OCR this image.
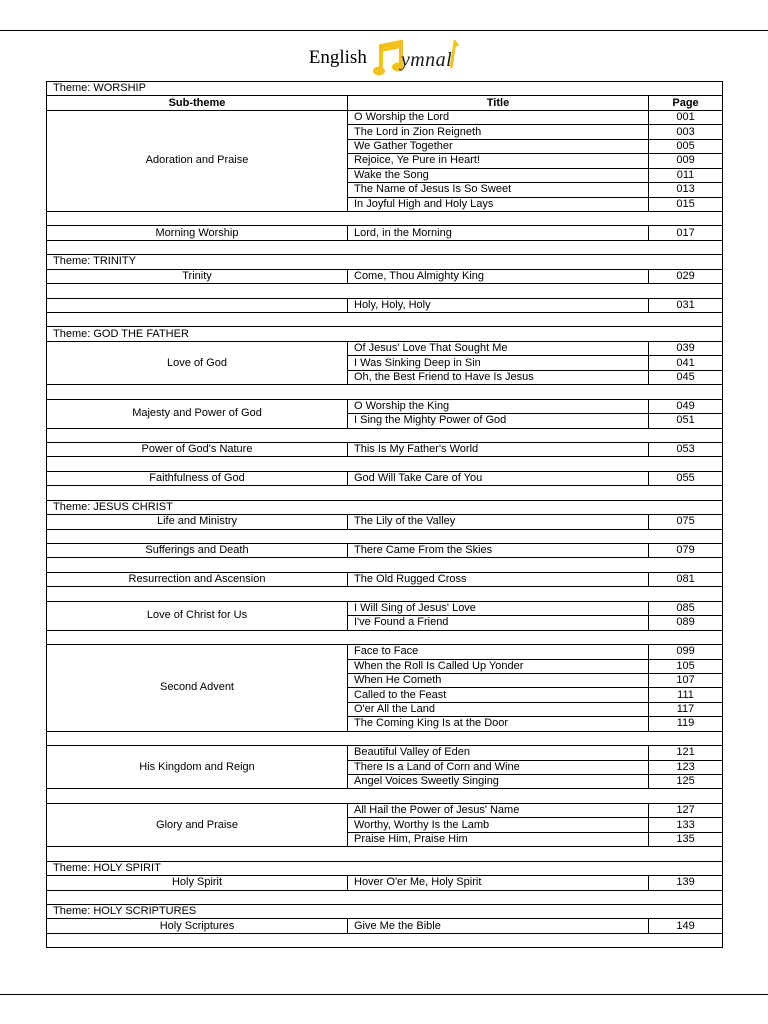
English ymnal
Theme: WORSHIP		
Sub-theme	Title	Page
Adoration and Praise	O Worship the Lord	001
	The Lord in Zion Reigneth	003
	We Gather Together	005
	Rejoice, Ye Pure in Heart!	009
	Wake the Song	011
	The Name of Jesus Is So Sweet	013
	In Joyful High and Holy Lays	015

Morning Worship	Lord, in the Morning	017

Theme: TRINITY		
Trinity	Come, Thou Almighty King	029

	Holy, Holy, Holy	031

Theme: GOD THE FATHER		
Love of God	Of Jesus' Love That Sought Me	039
	I Was Sinking Deep in Sin	041
	Oh, the Best Friend to Have Is Jesus	045

Majesty and Power of God	O Worship the King	049
	I Sing the Mighty Power of God	051

Power of God's Nature	This Is My Father's World	053

Faithfulness of God	God Will Take Care of You	055

Theme: JESUS CHRIST		
Life and Ministry	The Lily of the Valley	075

Sufferings and Death	There Came From the Skies	079

Resurrection and Ascension	The Old Rugged Cross	081

Love of Christ for Us	I Will Sing of Jesus' Love	085
	I've Found a Friend	089

Second Advent	Face to Face	099
	When the Roll Is Called Up Yonder	105
	When He Cometh	107
	Called to the Feast	111
	O'er All the Land	117
	The Coming King Is at the Door	119

His Kingdom and Reign	Beautiful Valley of Eden	121
	There Is a Land of Corn and Wine	123
	Angel Voices Sweetly Singing	125

Glory and Praise	All Hail the Power of Jesus' Name	127
	Worthy, Worthy Is the Lamb	133
	Praise Him, Praise Him	135

Theme: HOLY SPIRIT		
Holy Spirit	Hover O'er Me, Holy Spirit	139

Theme: HOLY SCRIPTURES		
Holy Scriptures	Give Me the Bible	149
